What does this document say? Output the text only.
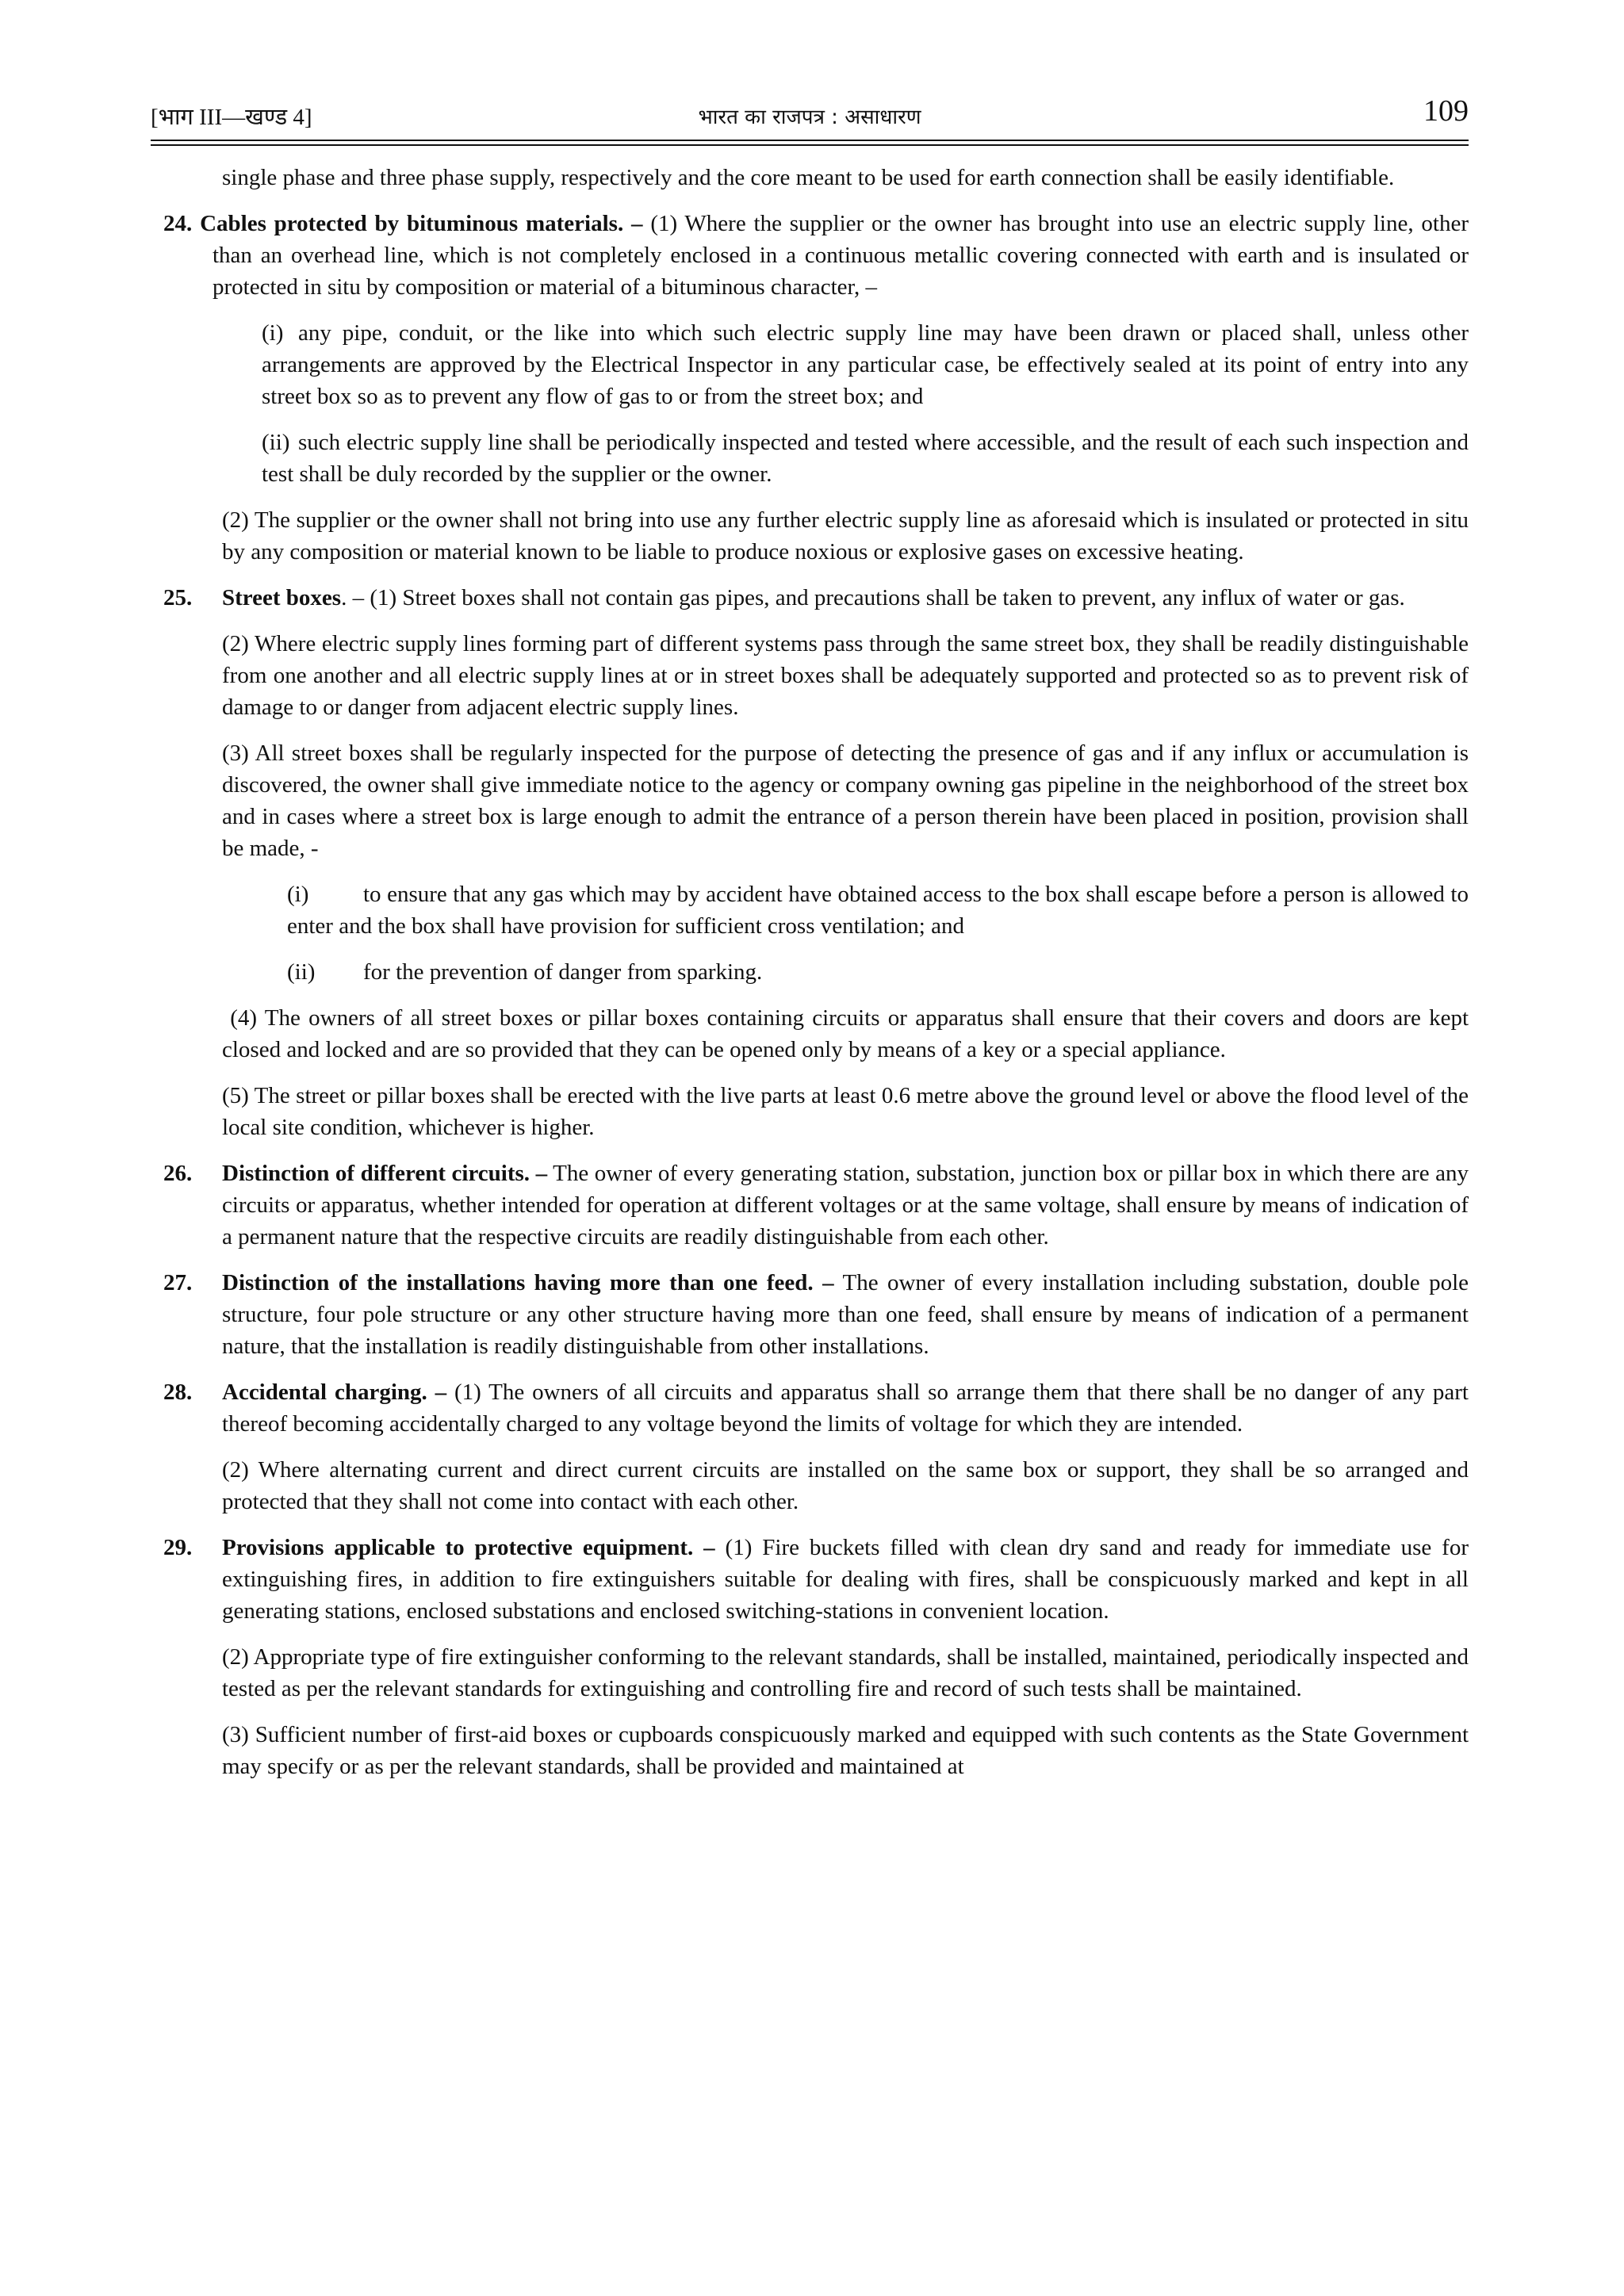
[भाग III—खण्ड 4]	भारत का राजपत्र : असाधारण	109

single phase and three phase supply, respectively and the core meant to be used for earth connection shall be easily identifiable.

24. Cables protected by bituminous materials. – (1) Where the supplier or the owner has brought into use an electric supply line, other than an overhead line, which is not completely enclosed in a continuous metallic covering connected with earth and is insulated or protected in situ by composition or material of a bituminous character, –

(i) any pipe, conduit, or the like into which such electric supply line may have been drawn or placed shall, unless other arrangements are approved by the Electrical Inspector in any particular case, be effectively sealed at its point of entry into any street box so as to prevent any flow of gas to or from the street box; and

(ii) such electric supply line shall be periodically inspected and tested where accessible, and the result of each such inspection and test shall be duly recorded by the supplier or the owner.

(2) The supplier or the owner shall not bring into use any further electric supply line as aforesaid which is insulated or protected in situ by any composition or material known to be liable to produce noxious or explosive gases on excessive heating.

25.	Street boxes. – (1) Street boxes shall not contain gas pipes, and precautions shall be taken to prevent, any influx of water or gas.

(2) Where electric supply lines forming part of different systems pass through the same street box, they shall be readily distinguishable from one another and all electric supply lines at or in street boxes shall be adequately supported and protected so as to prevent risk of damage to or danger from adjacent electric supply lines.

(3) All street boxes shall be regularly inspected for the purpose of detecting the presence of gas and if any influx or accumulation is discovered, the owner shall give immediate notice to the agency or company owning gas pipeline in the neighborhood of the street box and in cases where a street box is large enough to admit the entrance of a person therein have been placed in position, provision shall be made, -

(i) to ensure that any gas which may by accident have obtained access to the box shall escape before a person is allowed to enter and the box shall have provision for sufficient cross ventilation; and

(ii) for the prevention of danger from sparking.

(4) The owners of all street boxes or pillar boxes containing circuits or apparatus shall ensure that their covers and doors are kept closed and locked and are so provided that they can be opened only by means of a key or a special appliance.

(5) The street or pillar boxes shall be erected with the live parts at least 0.6 metre above the ground level or above the flood level of the local site condition, whichever is higher.

26.	Distinction of different circuits. – The owner of every generating station, substation, junction box or pillar box in which there are any circuits or apparatus, whether intended for operation at different voltages or at the same voltage, shall ensure by means of indication of a permanent nature that the respective circuits are readily distinguishable from each other.
27.	Distinction of the installations having more than one feed. – The owner of every installation including substation, double pole structure, four pole structure or any other structure having more than one feed, shall ensure by means of indication of a permanent nature, that the installation is readily distinguishable from other installations.
28.	Accidental charging. – (1) The owners of all circuits and apparatus shall so arrange them that there shall be no danger of any part thereof becoming accidentally charged to any voltage beyond the limits of voltage for which they are intended.

(2) Where alternating current and direct current circuits are installed on the same box or support, they shall be so arranged and protected that they shall not come into contact with each other.

29.	Provisions applicable to protective equipment. – (1) Fire buckets filled with clean dry sand and ready for immediate use for extinguishing fires, in addition to fire extinguishers suitable for dealing with fires, shall be conspicuously marked and kept in all generating stations, enclosed substations and enclosed switching-stations in convenient location.

(2) Appropriate type of fire extinguisher conforming to the relevant standards, shall be installed, maintained, periodically inspected and tested as per the relevant standards for extinguishing and controlling fire and record of such tests shall be maintained.

(3) Sufficient number of first-aid boxes or cupboards conspicuously marked and equipped with such contents as the State Government may specify or as per the relevant standards, shall be provided and maintained at
